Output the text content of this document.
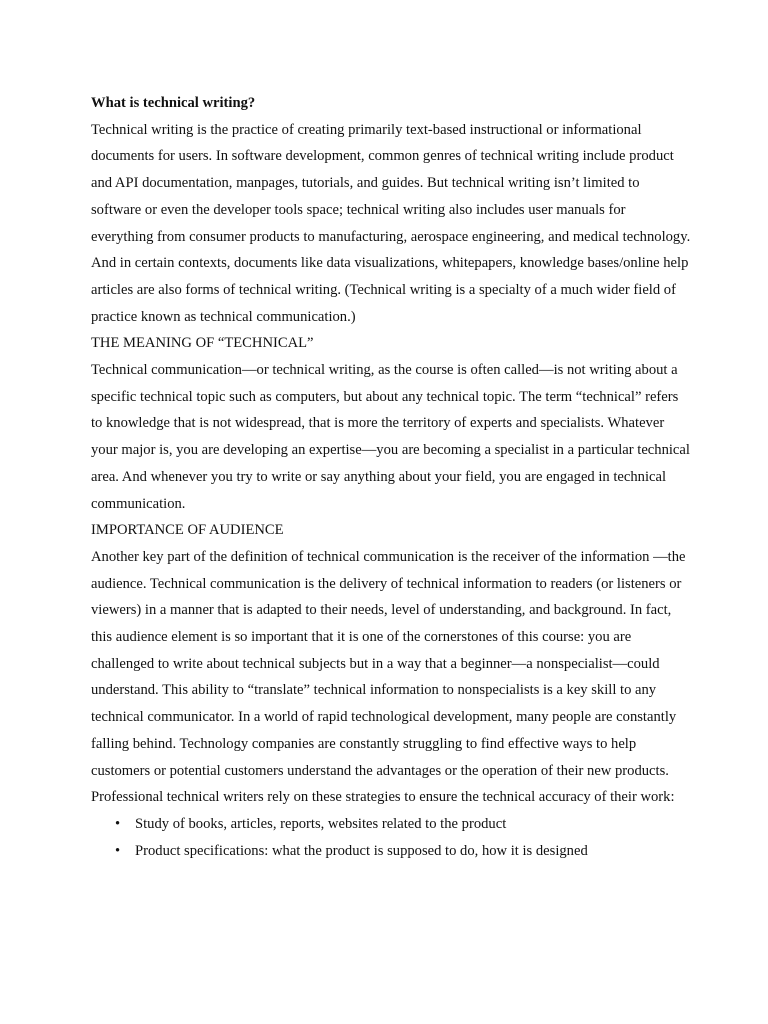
What is technical writing?

Technical writing is the practice of creating primarily text-based instructional or informational documents for users. In software development, common genres of technical writing include product and API documentation, manpages, tutorials, and guides. But technical writing isn’t limited to software or even the developer tools space; technical writing also includes user manuals for everything from consumer products to manufacturing, aerospace engineering, and medical technology. And in certain contexts, documents like data visualizations, whitepapers, knowledge bases/online help articles are also forms of technical writing. (Technical writing is a specialty of a much wider field of practice known as technical communication.)

THE MEANING OF “TECHNICAL”

Technical communication—or technical writing, as the course is often called—is not writing about a specific technical topic such as computers, but about any technical topic. The term “technical” refers to knowledge that is not widespread, that is more the territory of experts and specialists. Whatever your major is, you are developing an expertise—you are becoming a specialist in a particular technical area. And whenever you try to write or say anything about your field, you are engaged in technical communication.

IMPORTANCE OF AUDIENCE

Another key part of the definition of technical communication is the receiver of the information —the audience. Technical communication is the delivery of technical information to readers (or listeners or viewers) in a manner that is adapted to their needs, level of understanding, and background. In fact, this audience element is so important that it is one of the cornerstones of this course: you are challenged to write about technical subjects but in a way that a beginner—a nonspecialist—could understand. This ability to “translate” technical information to nonspecialists is a key skill to any technical communicator. In a world of rapid technological development, many people are constantly falling behind. Technology companies are constantly struggling to find effective ways to help customers or potential customers understand the advantages or the operation of their new products.

Professional technical writers rely on these strategies to ensure the technical accuracy of their work:

• Study of books, articles, reports, websites related to the product
• Product specifications: what the product is supposed to do, how it is designed
